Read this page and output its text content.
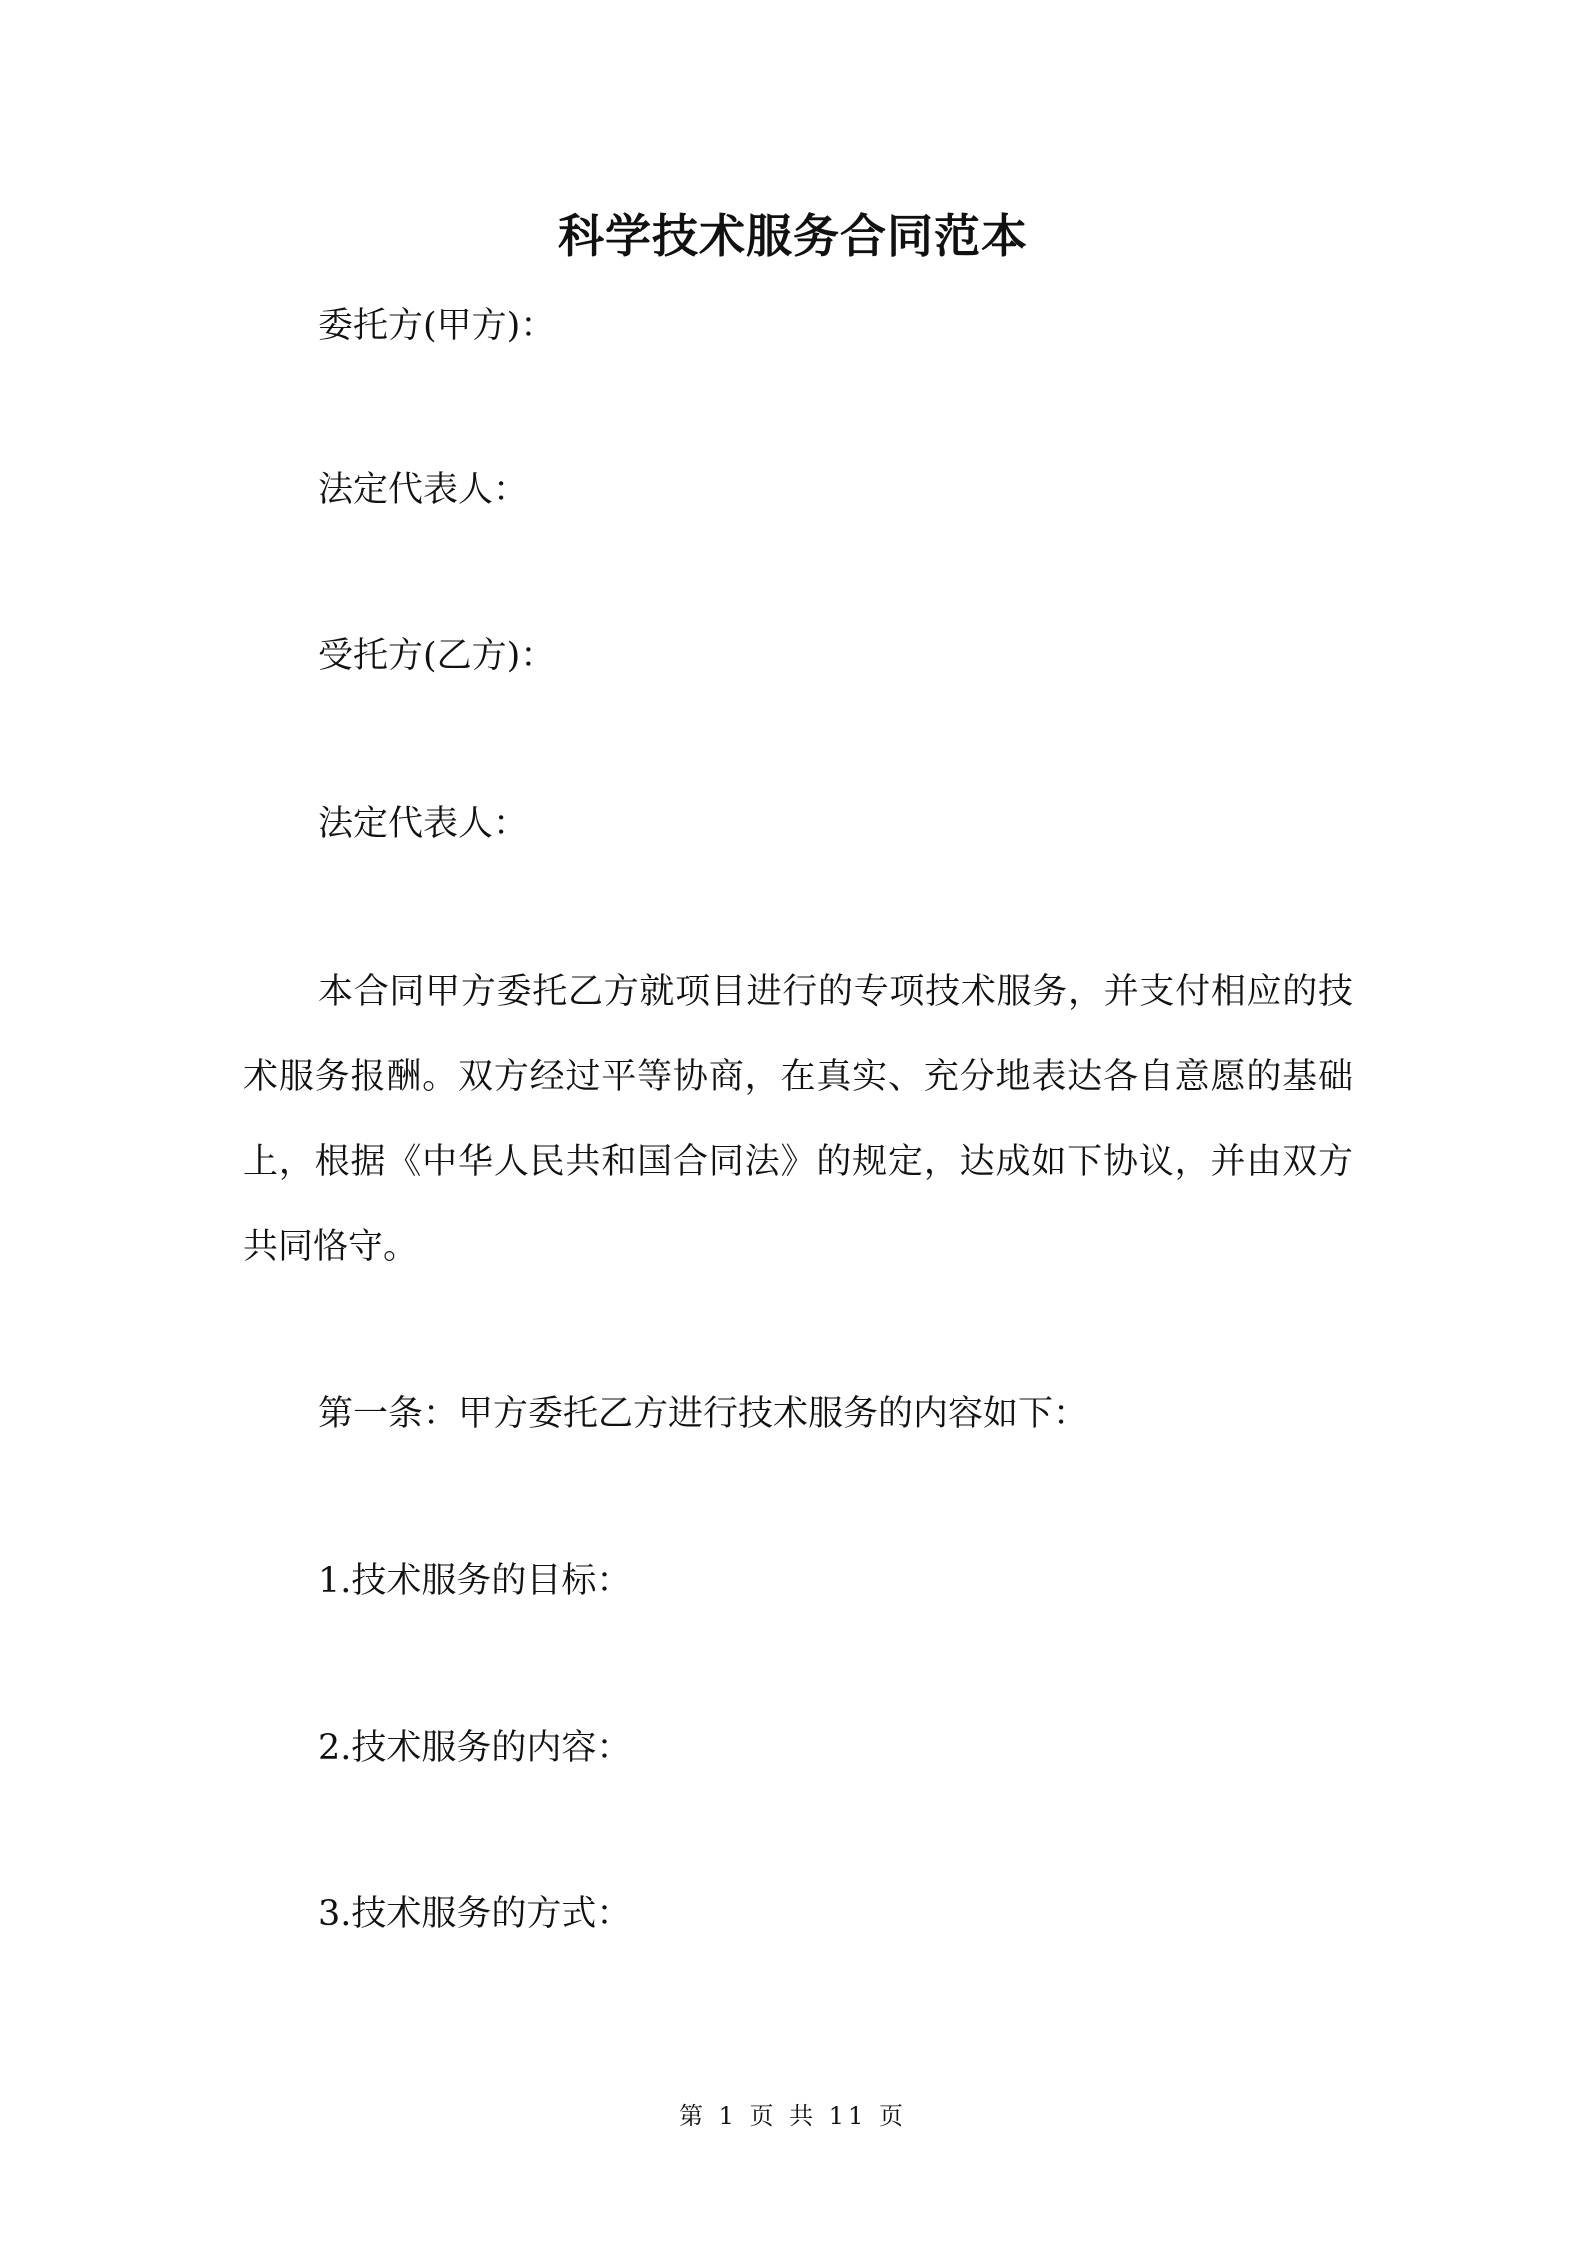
科学技术服务合同范本
委托方(甲方)：
法定代表人：
受托方(乙方)：
法定代表人：
本合同甲方委托乙方就项目进行的专项技术服务，并支付相应的技术服务报酬。双方经过平等协商，在真实、充分地表达各自意愿的基础上，根据《中华人民共和国合同法》的规定，达成如下协议，并由双方共同恪守。
第一条：甲方委托乙方进行技术服务的内容如下：
1.技术服务的目标：
2.技术服务的内容：
3.技术服务的方式：
第 1 页 共 11 页
